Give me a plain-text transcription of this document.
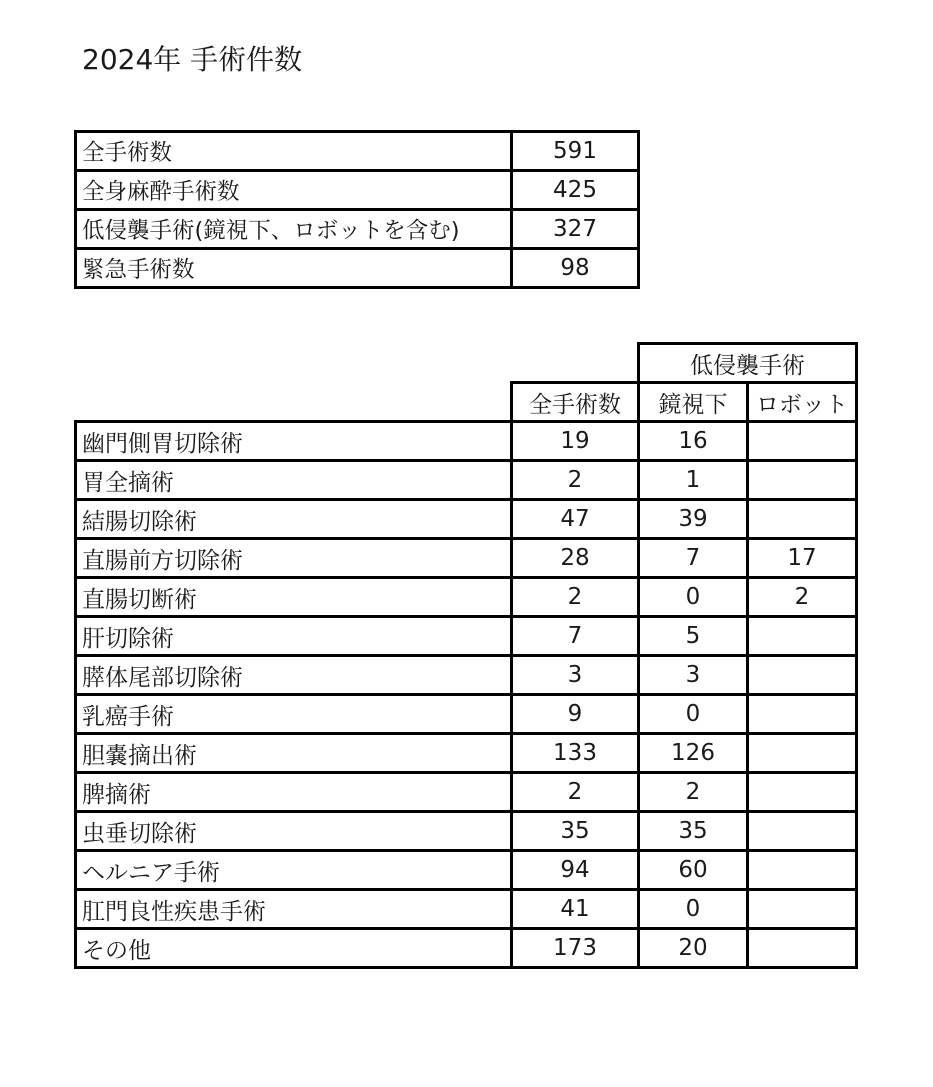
2024年 手術件数
全手術数	591
全身麻酔手術数	425
低侵襲手術(鏡視下、ロボットを含む)	327
緊急手術数	98
		低侵襲手術	
	全手術数	鏡視下	ロボット
幽門側胃切除術	19	16	
胃全摘術	2	1	
結腸切除術	47	39	
直腸前方切除術	28	7	17
直腸切断術	2	0	2
肝切除術	7	5	
膵体尾部切除術	3	3	
乳癌手術	9	0	
胆嚢摘出術	133	126	
脾摘術	2	2	
虫垂切除術	35	35	
ヘルニア手術	94	60	
肛門良性疾患手術	41	0	
その他	173	20	
